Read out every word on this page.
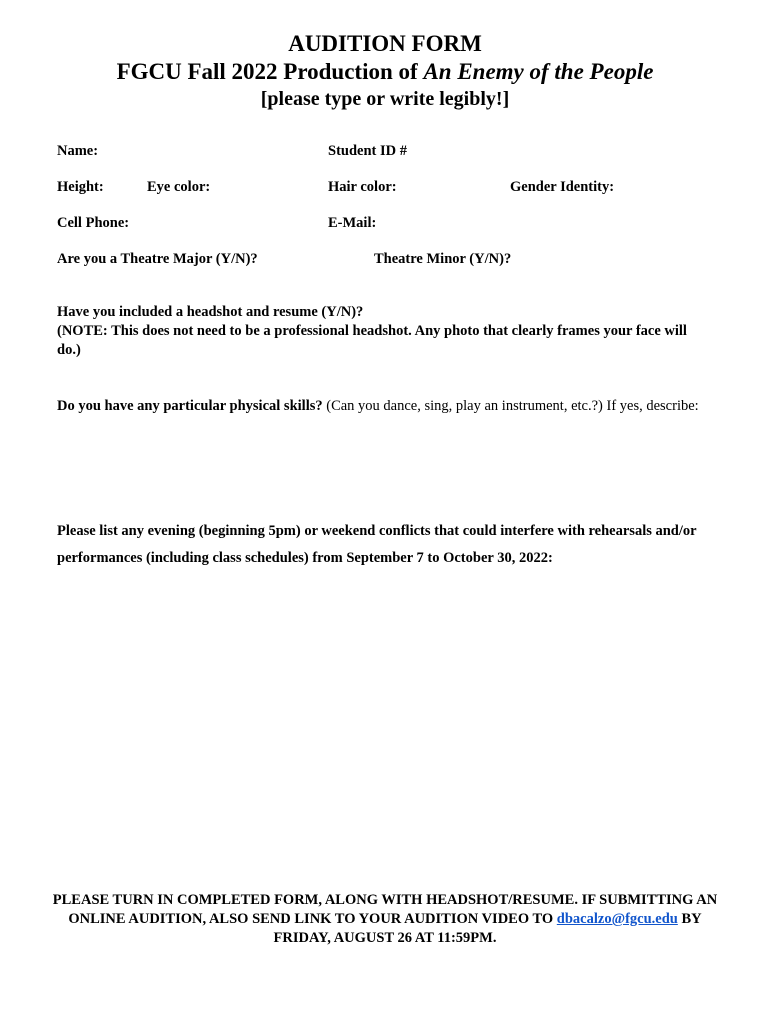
AUDITION FORM
FGCU Fall 2022 Production of An Enemy of the People
[please type or write legibly!]
Name:	Student ID #
Height:	Eye color:	Hair color:	Gender Identity:
Cell Phone:	E-Mail:
Are you a Theatre Major (Y/N)?	Theatre Minor (Y/N)?
Have you included a headshot and resume (Y/N)?
(NOTE: This does not need to be a professional headshot. Any photo that clearly frames your face will do.)
Do you have any particular physical skills? (Can you dance, sing, play an instrument, etc.?) If yes, describe:
Please list any evening (beginning 5pm) or weekend conflicts that could interfere with rehearsals and/or performances (including class schedules) from September 7 to October 30, 2022:
PLEASE TURN IN COMPLETED FORM, ALONG WITH HEADSHOT/RESUME. IF SUBMITTING AN ONLINE AUDITION, ALSO SEND LINK TO YOUR AUDITION VIDEO TO dbacalzo@fgcu.edu BY FRIDAY, AUGUST 26 AT 11:59PM.
